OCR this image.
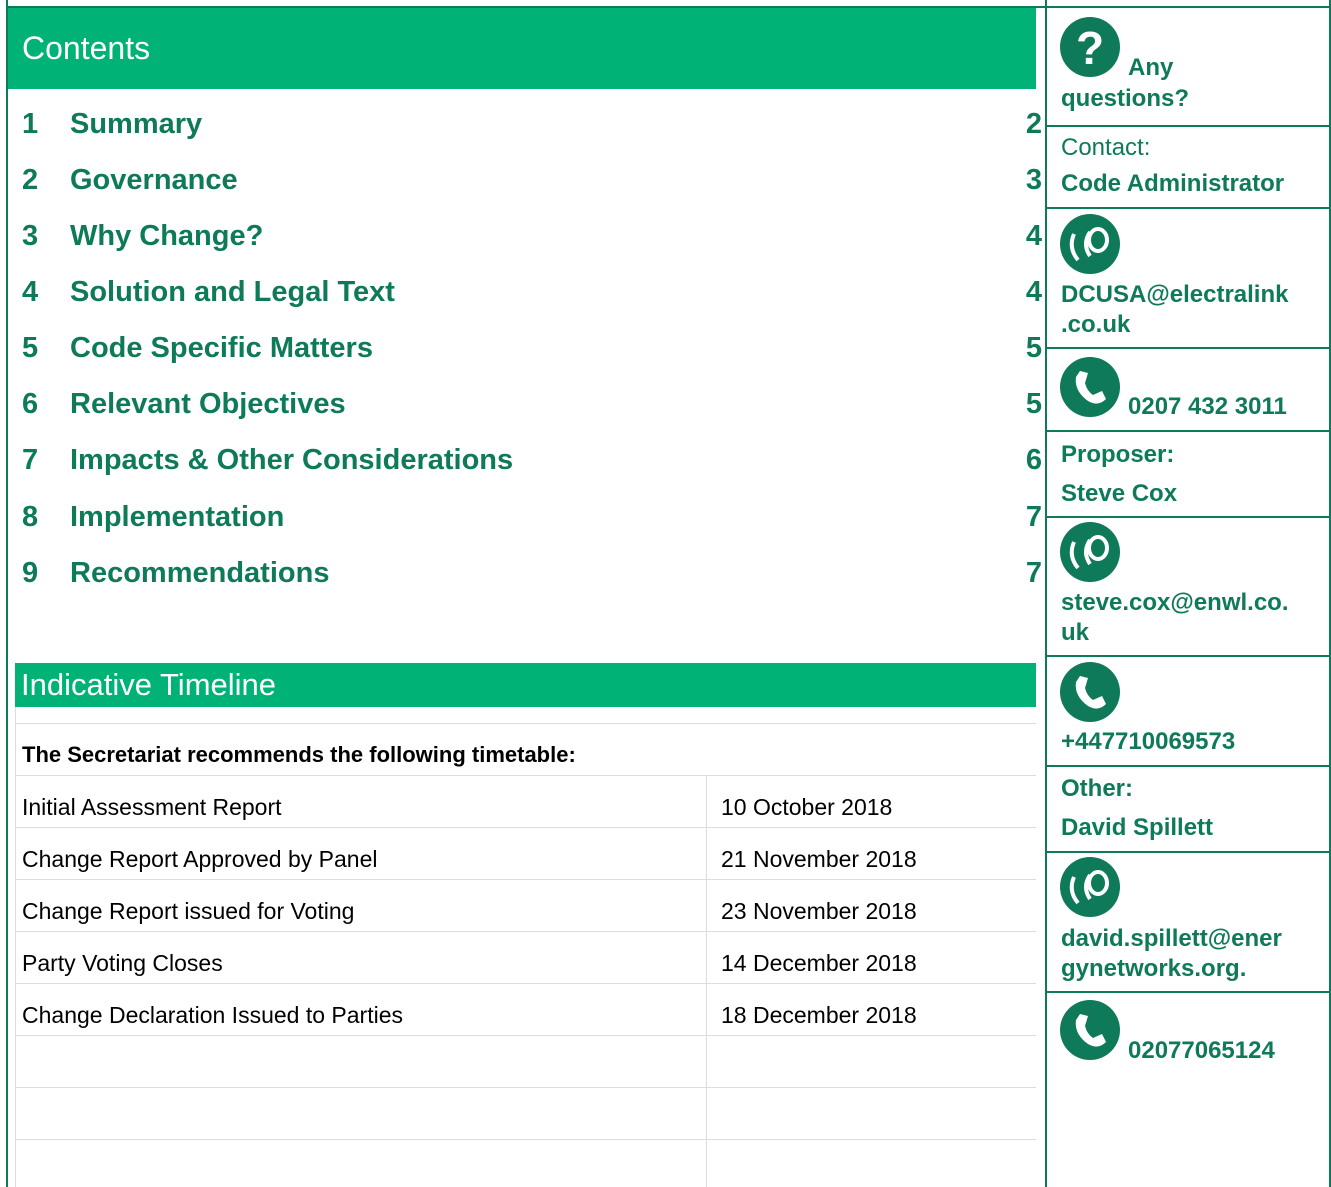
Contents
1 Summary	2
2 Governance	3
3 Why Change?	4
4 Solution and Legal Text	4
5 Code Specific Matters	5
6 Relevant Objectives	5
7 Impacts & Other Considerations	6
8 Implementation	7
9 Recommendations	7
Indicative Timeline
The Secretariat recommends the following timetable:
Initial Assessment Report	10 October 2018
Change Report Approved by Panel	21 November 2018
Change Report issued for Voting	23 November 2018
Party Voting Closes	14 December 2018
Change Declaration Issued to Parties	18 December 2018
? Any
questions?
Contact:
Code Administrator
DCUSA@electralink
.co.uk
0207 432 3011
Proposer:
Steve Cox
steve.cox@enwl.co.
uk
+447710069573
Other:
David Spillett
david.spillett@ener
gynetworks.org.
02077065124
